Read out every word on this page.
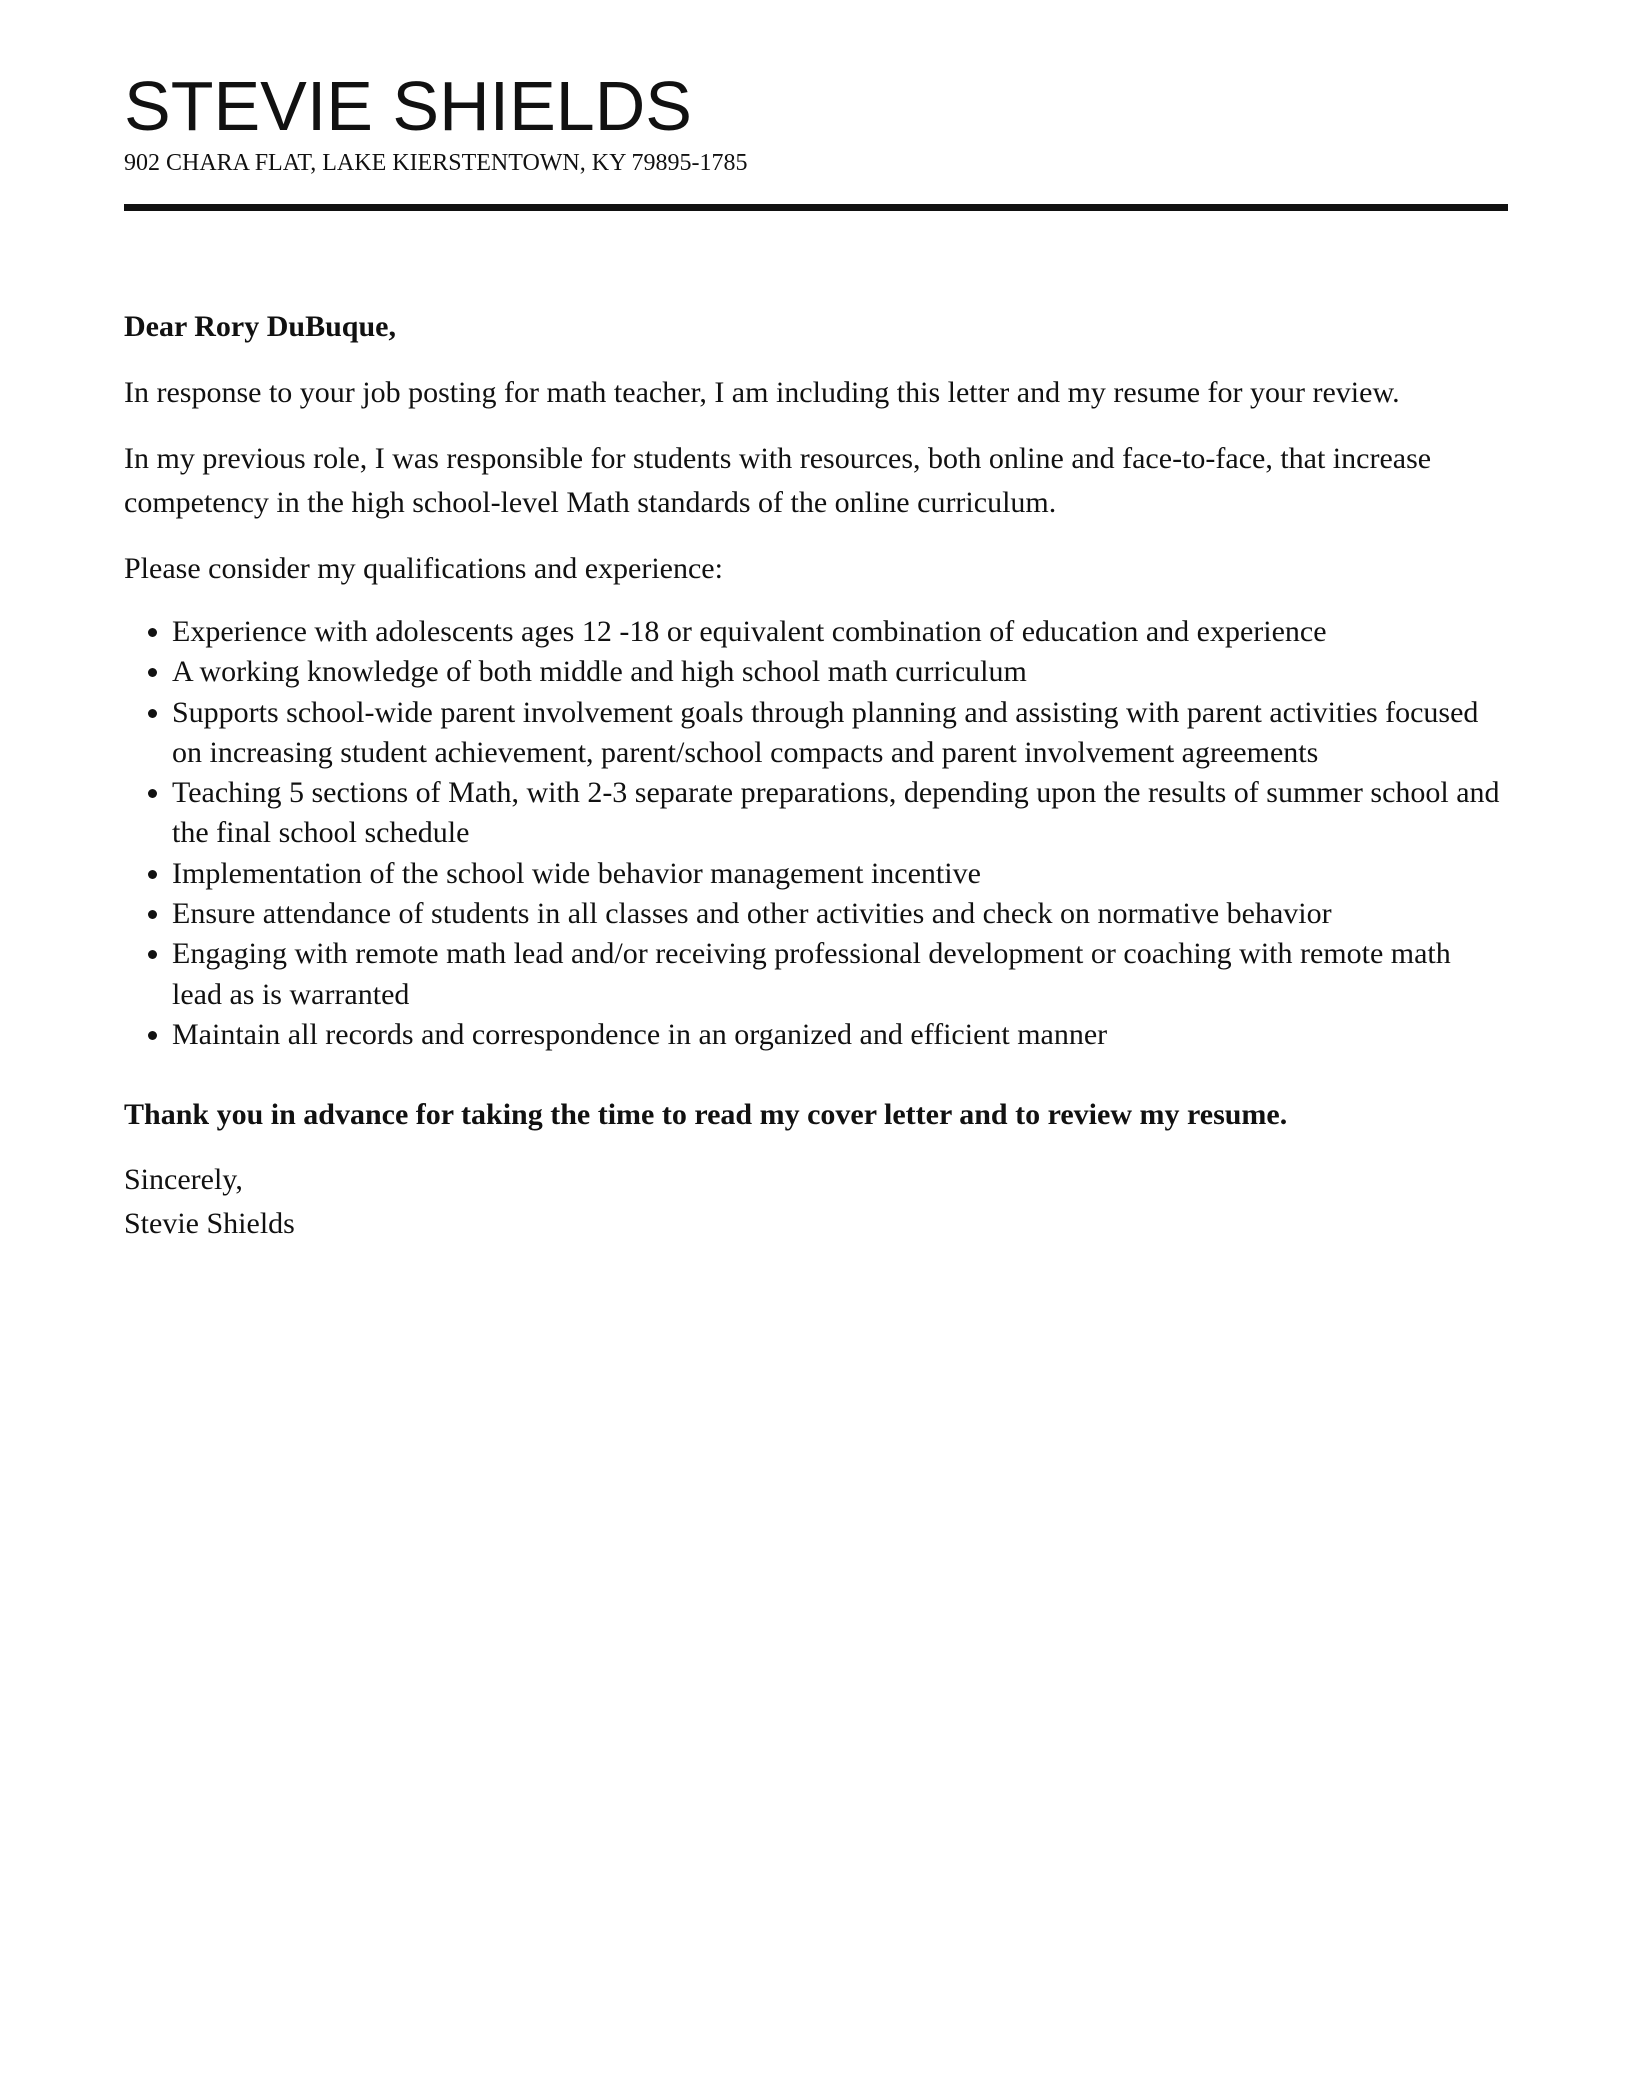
STEVIE SHIELDS
902 CHARA FLAT, LAKE KIERSTENTOWN, KY 79895-1785
Dear Rory DuBuque,
In response to your job posting for math teacher, I am including this letter and my resume for your review.
In my previous role, I was responsible for students with resources, both online and face-to-face, that increase competency in the high school-level Math standards of the online curriculum.
Please consider my qualifications and experience:
• Experience with adolescents ages 12 -18 or equivalent combination of education and experience
• A working knowledge of both middle and high school math curriculum
• Supports school-wide parent involvement goals through planning and assisting with parent activities focused on increasing student achievement, parent/school compacts and parent involvement agreements
• Teaching 5 sections of Math, with 2-3 separate preparations, depending upon the results of summer school and the final school schedule
• Implementation of the school wide behavior management incentive
• Ensure attendance of students in all classes and other activities and check on normative behavior
• Engaging with remote math lead and/or receiving professional development or coaching with remote math lead as is warranted
• Maintain all records and correspondence in an organized and efficient manner
Thank you in advance for taking the time to read my cover letter and to review my resume.
Sincerely,
Stevie Shields
